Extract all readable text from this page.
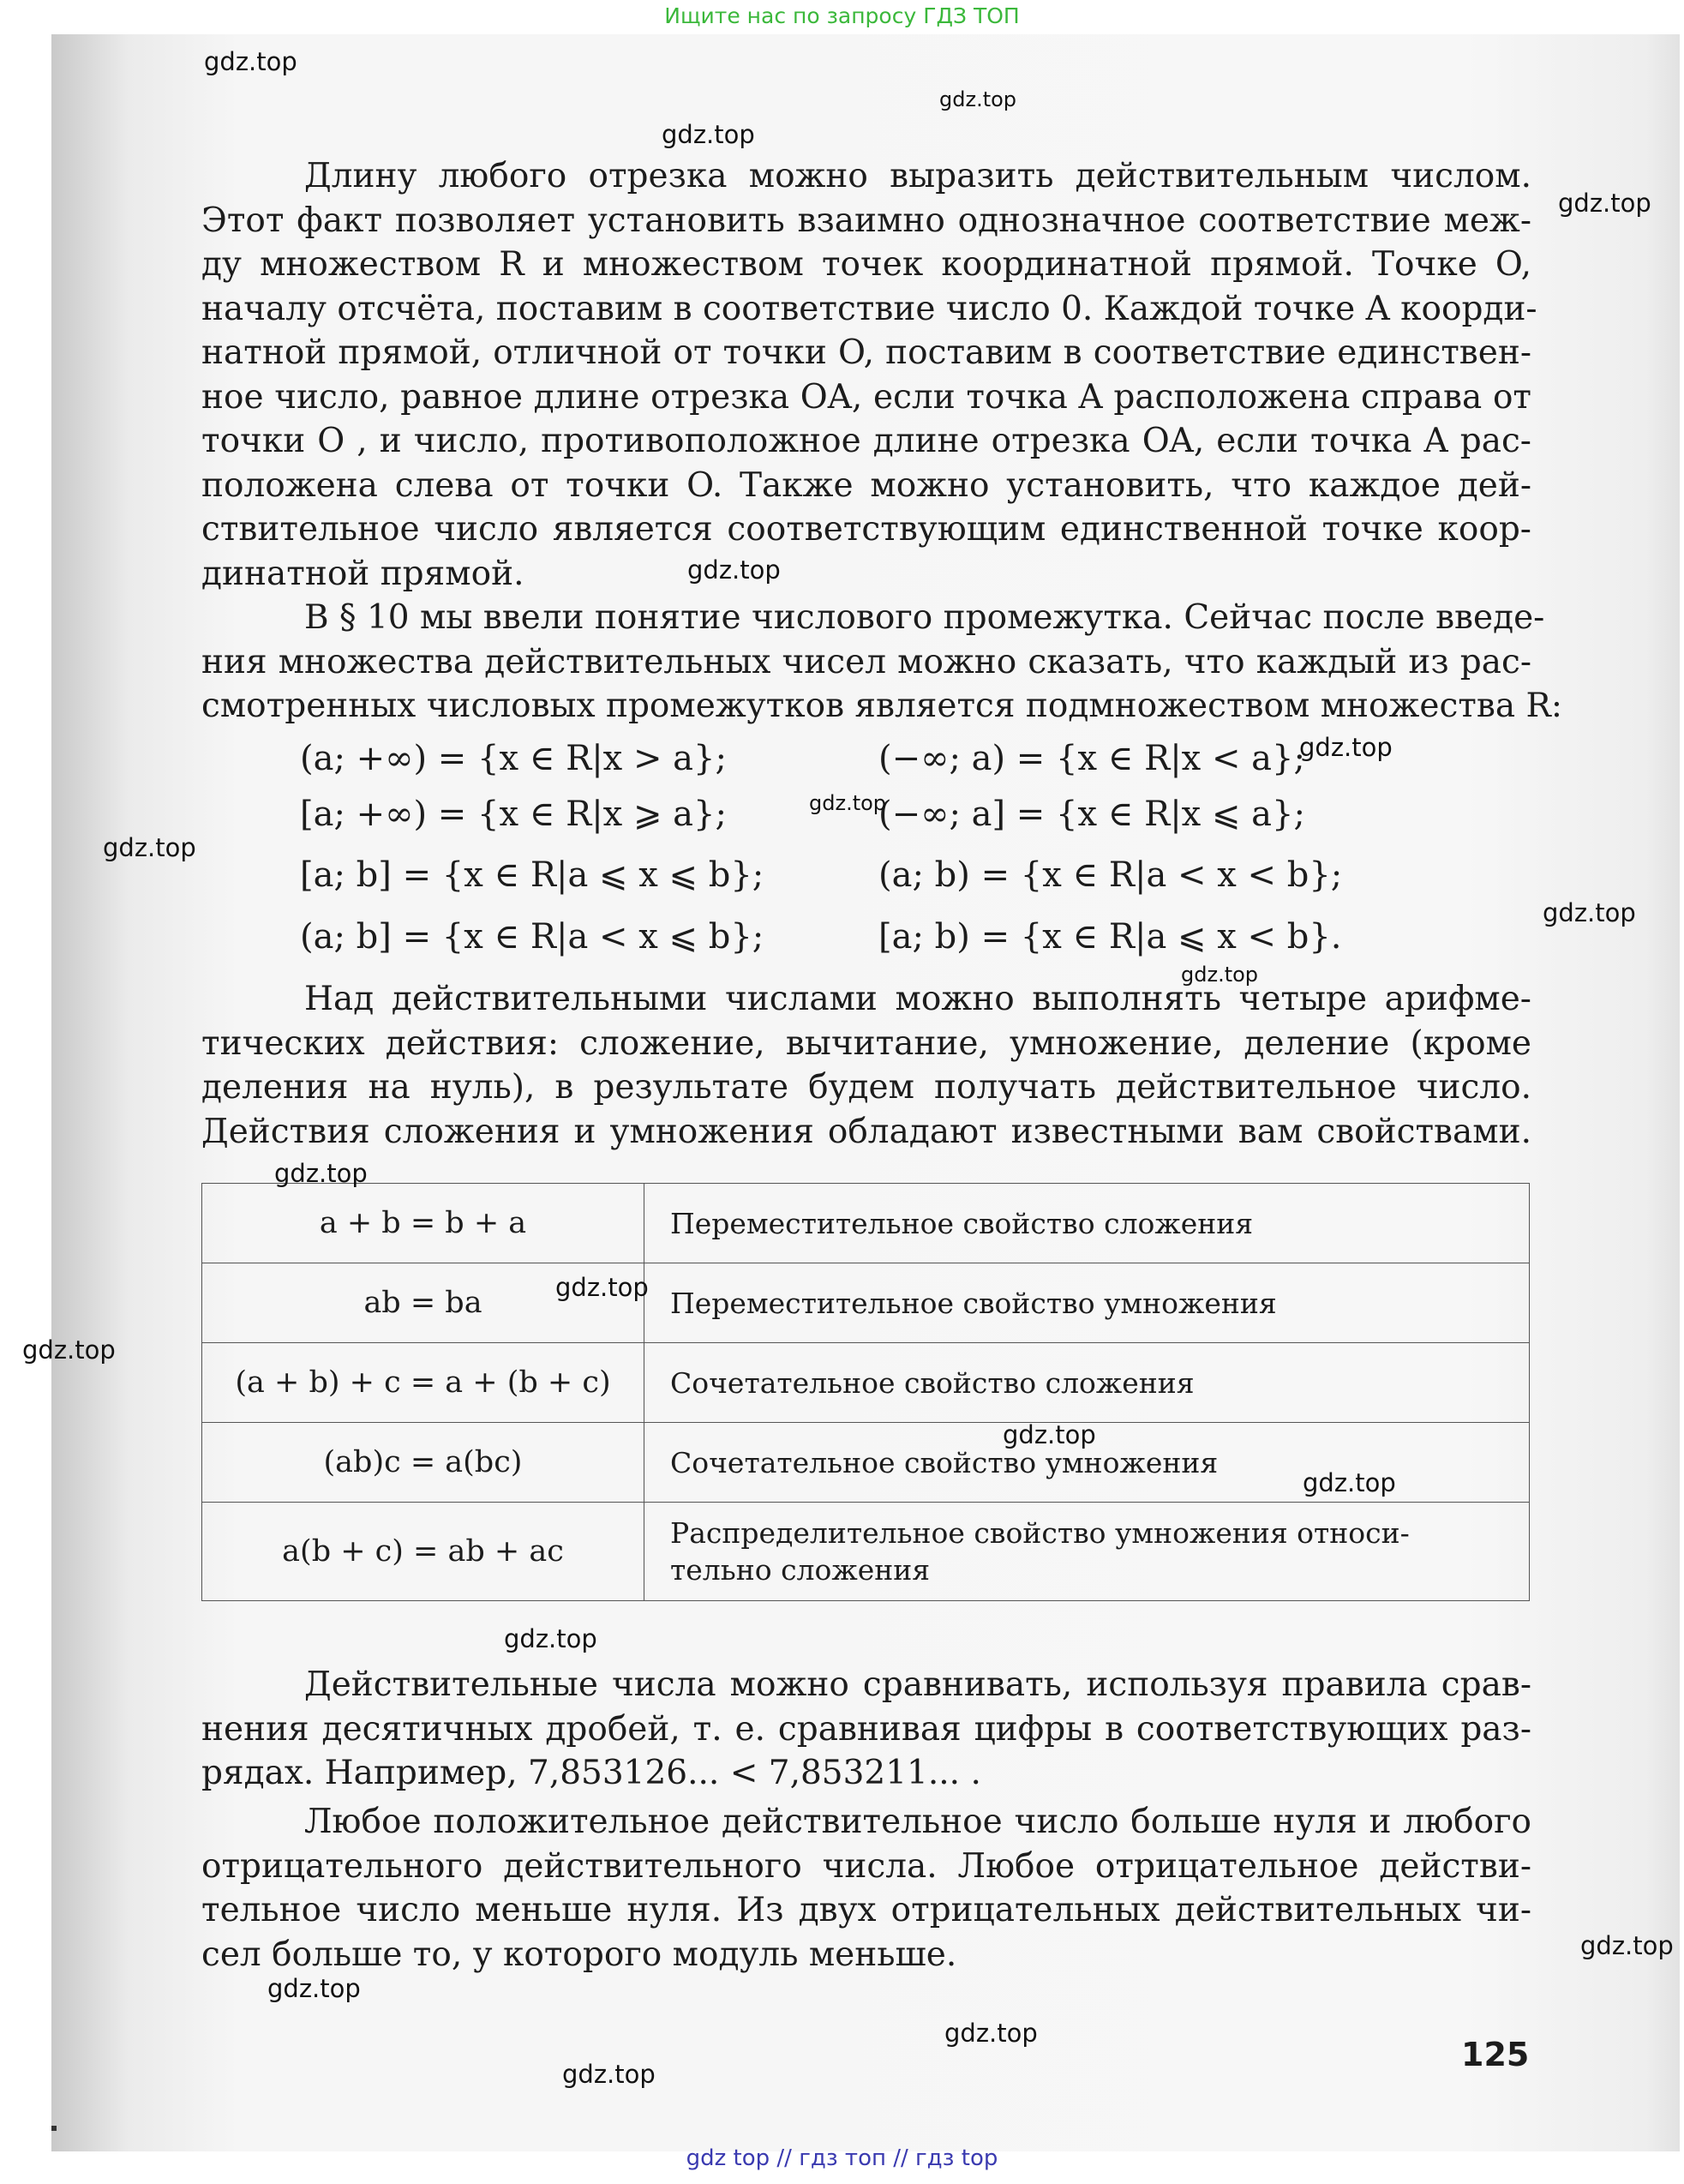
Ищите нас по запросу ГДЗ ТОП
Длину любого отрезка можно выразить действительным числом.
Этот факт позволяет установить взаимно однозначное соответствие меж-
ду множеством R и множеством точек координатной прямой. Точке O,
началу отсчёта, поставим в соответствие число 0. Каждой точке A коорди-
натной прямой, отличной от точки O, поставим в соответствие единствен-
ное число, равное длине отрезка OA, если точка A расположена справа от
точки O , и число, противоположное длине отрезка OA, если точка A рас-
положена слева от точки O. Также можно установить, что каждое дей-
ствительное число является соответствующим единственной точке коор-
динатной прямой.
В § 10 мы ввели понятие числового промежутка. Сейчас после введе-
ния множества действительных чисел можно сказать, что каждый из рас-
смотренных числовых промежутков является подмножеством множества R:
(a; +∞) = {x ∈ R|x > a};	(−∞; a) = {x ∈ R|x < a};
[a; +∞) = {x ∈ R|x ⩾ a};	(−∞; a] = {x ∈ R|x ⩽ a};
[a; b] = {x ∈ R|a ⩽ x ⩽ b};	(a; b) = {x ∈ R|a < x < b};
(a; b] = {x ∈ R|a < x ⩽ b};	[a; b) = {x ∈ R|a ⩽ x < b}.
Над действительными числами можно выполнять четыре арифме-
тических действия: сложение, вычитание, умножение, деление (кроме
деления на нуль), в результате будем получать действительное число.
Действия сложения и умножения обладают известными вам свойствами.
a + b = b + a	Переместительное свойство сложения
ab = ba	Переместительное свойство умножения
(a + b) + c = a + (b + c)	Сочетательное свойство сложения
(ab)c = a(bc)	Сочетательное свойство умножения
a(b + c) = ab + ac	Распределительное свойство умножения относи-тельно сложения
Действительные числа можно сравнивать, используя правила срав-
нения десятичных дробей, т. е. сравнивая цифры в соответствующих раз-
рядах. Например, 7,853126... < 7,853211... .
Любое положительное действительное число больше нуля и любого
отрицательного действительного числа. Любое отрицательное действи-
тельное число меньше нуля. Из двух отрицательных действительных чи-
сел больше то, у которого модуль меньше.
125
gdz.top
gdz.top
gdz.top
gdz.top
gdz.top
gdz.top
gdz.top
gdz.top
gdz.top
gdz.top
gdz.top
gdz.top
gdz.top
gdz.top
gdz.top
gdz.top
gdz.top
gdz.top
gdz.top
gdz.top
gdz top // гдз топ // гдз top
